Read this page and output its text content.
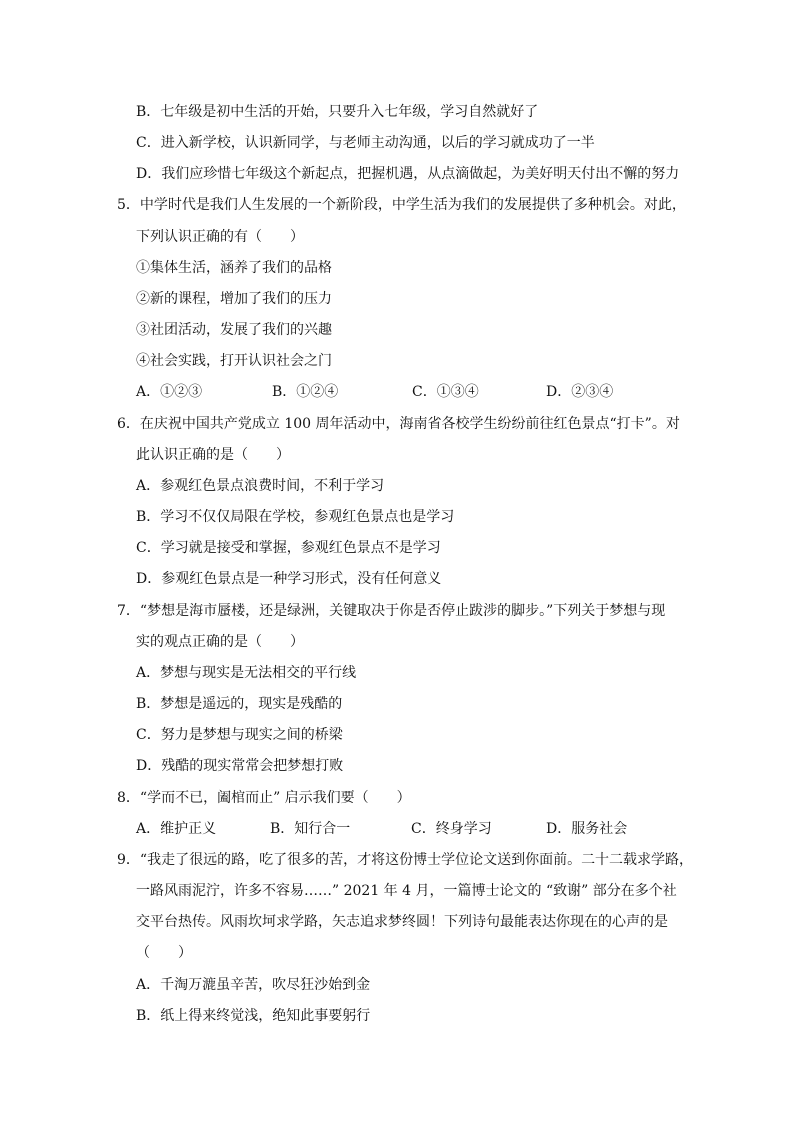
B．七年级是初中生活的开始，只要升入七年级，学习自然就好了
C．进入新学校，认识新同学，与老师主动沟通，以后的学习就成功了一半
D．我们应珍惜七年级这个新起点，把握机遇，从点滴做起，为美好明天付出不懈的努力
5．中学时代是我们人生发展的一个新阶段，中学生活为我们的发展提供了多种机会。对此，
下列认识正确的有（　　）
①集体生活，涵养了我们的品格
②新的课程，增加了我们的压力
③社团活动，发展了我们的兴趣
④社会实践，打开认识社会之门
A．①②③	B．①②④	C．①③④	D．②③④
6．在庆祝中国共产党成立 100 周年活动中，海南省各校学生纷纷前往红色景点“打卡”。对
此认识正确的是（　　）
A．参观红色景点浪费时间，不利于学习
B．学习不仅仅局限在学校，参观红色景点也是学习
C．学习就是接受和掌握，参观红色景点不是学习
D．参观红色景点是一种学习形式，没有任何意义
7．“梦想是海市蜃楼，还是绿洲，关键取决于你是否停止跋涉的脚步。”下列关于梦想与现
实的观点正确的是（　　）
A．梦想与现实是无法相交的平行线
B．梦想是遥远的，现实是残酷的
C．努力是梦想与现实之间的桥梁
D．残酷的现实常常会把梦想打败
8．“学而不已，阖棺而止” 启示我们要（　　）
A．维护正义	B．知行合一	C．终身学习	D．服务社会
9．“我走了很远的路，吃了很多的苦，才将这份博士学位论文送到你面前。二十二载求学路，
一路风雨泥泞，许多不容易……” 2021 年 4 月，一篇博士论文的 “致谢” 部分在多个社
交平台热传。风雨坎坷求学路，矢志追求梦终圆！下列诗句最能表达你现在的心声的是
（　　）
A．千淘万漉虽辛苦，吹尽狂沙始到金
B．纸上得来终觉浅，绝知此事要躬行
